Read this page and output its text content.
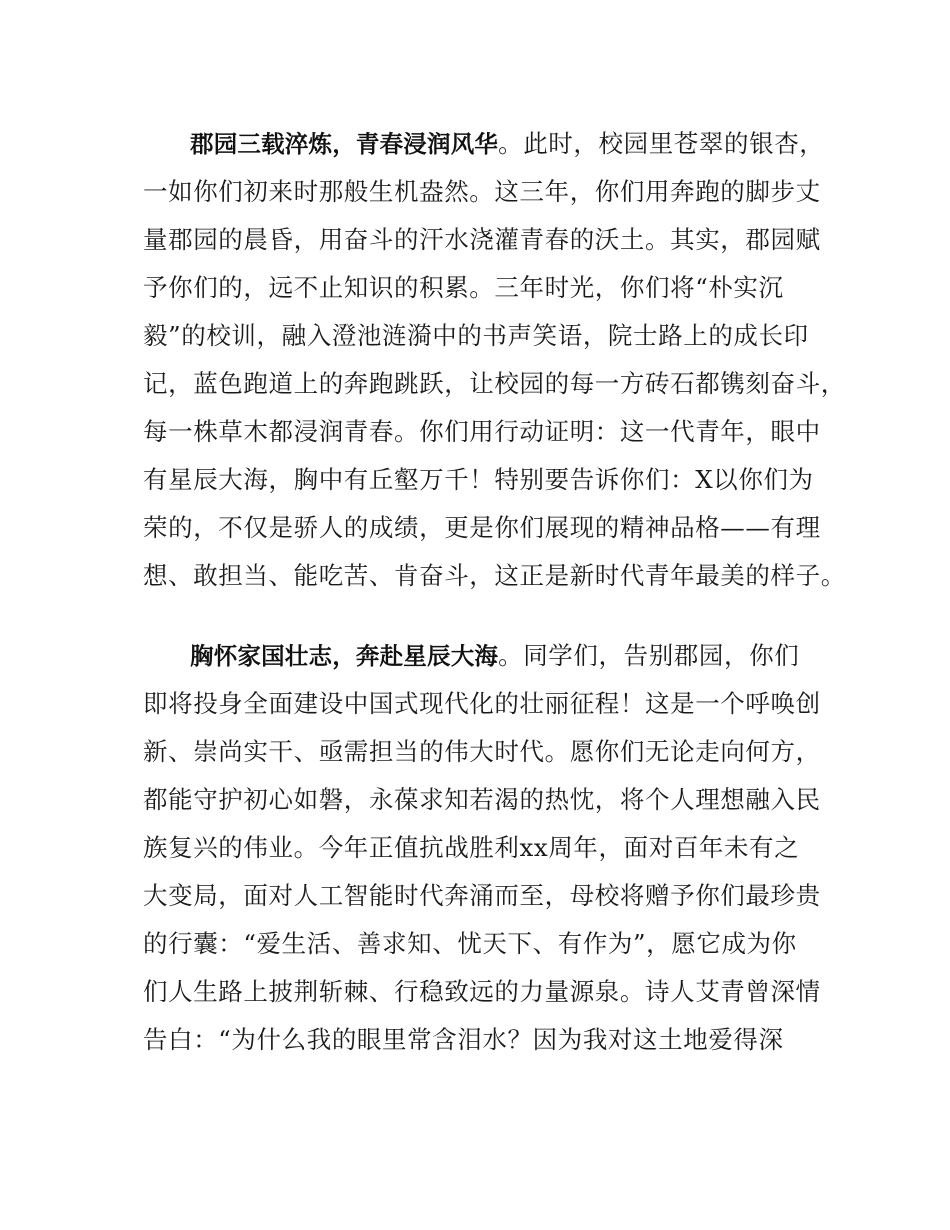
郡园三载淬炼，青春浸润风华。此时，校园里苍翠的银杏，
一如你们初来时那般生机盎然。这三年，你们用奔跑的脚步丈
量郡园的晨昏，用奋斗的汗水浇灌青春的沃土。其实，郡园赋
予你们的，远不止知识的积累。三年时光，你们将“朴实沉
毅”的校训，融入澄池涟漪中的书声笑语，院士路上的成长印
记，蓝色跑道上的奔跑跳跃，让校园的每一方砖石都镌刻奋斗，
每一株草木都浸润青春。你们用行动证明：这一代青年，眼中
有星辰大海，胸中有丘壑万千！特别要告诉你们：X以你们为
荣的，不仅是骄人的成绩，更是你们展现的精神品格——有理
想、敢担当、能吃苦、肯奋斗，这正是新时代青年最美的样子。
胸怀家国壮志，奔赴星辰大海。同学们，告别郡园，你们
即将投身全面建设中国式现代化的壮丽征程！这是一个呼唤创
新、崇尚实干、亟需担当的伟大时代。愿你们无论走向何方，
都能守护初心如磐，永葆求知若渴的热忱，将个人理想融入民
族复兴的伟业。今年正值抗战胜利xx周年，面对百年未有之
大变局，面对人工智能时代奔涌而至，母校将赠予你们最珍贵
的行囊：“爱生活、善求知、忧天下、有作为”，愿它成为你
们人生路上披荆斩棘、行稳致远的力量源泉。诗人艾青曾深情
告白：“为什么我的眼里常含泪水？因为我对这土地爱得深
